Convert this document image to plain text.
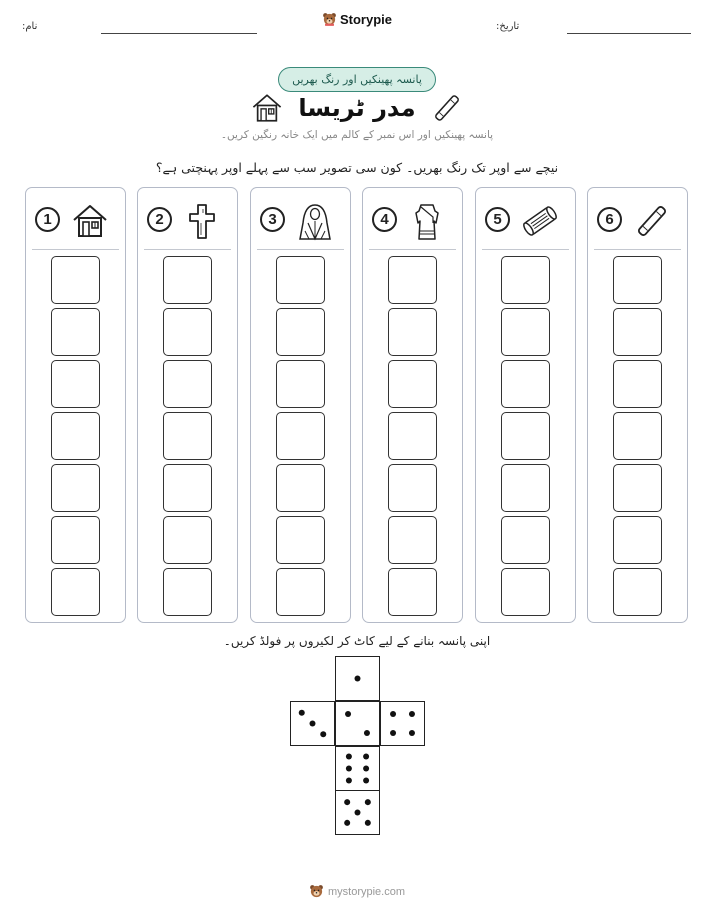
نام:	Storypie	تاریخ:
پانسہ پھینکیں اور رنگ بھریں
مدر ٹریسا
پانسہ پھینکیں اور اس نمبر کے کالم میں ایک خانہ رنگین کریں۔
نیچے سے اوپر تک رنگ بھریں۔ کون سی تصویر سب سے پہلے اوپر پہنچتی ہے؟
1	2	3	4	5	6
اپنی پانسہ بنانے کے لیے کاٹ کر لکیروں پر فولڈ کریں۔
mystorypie.com
